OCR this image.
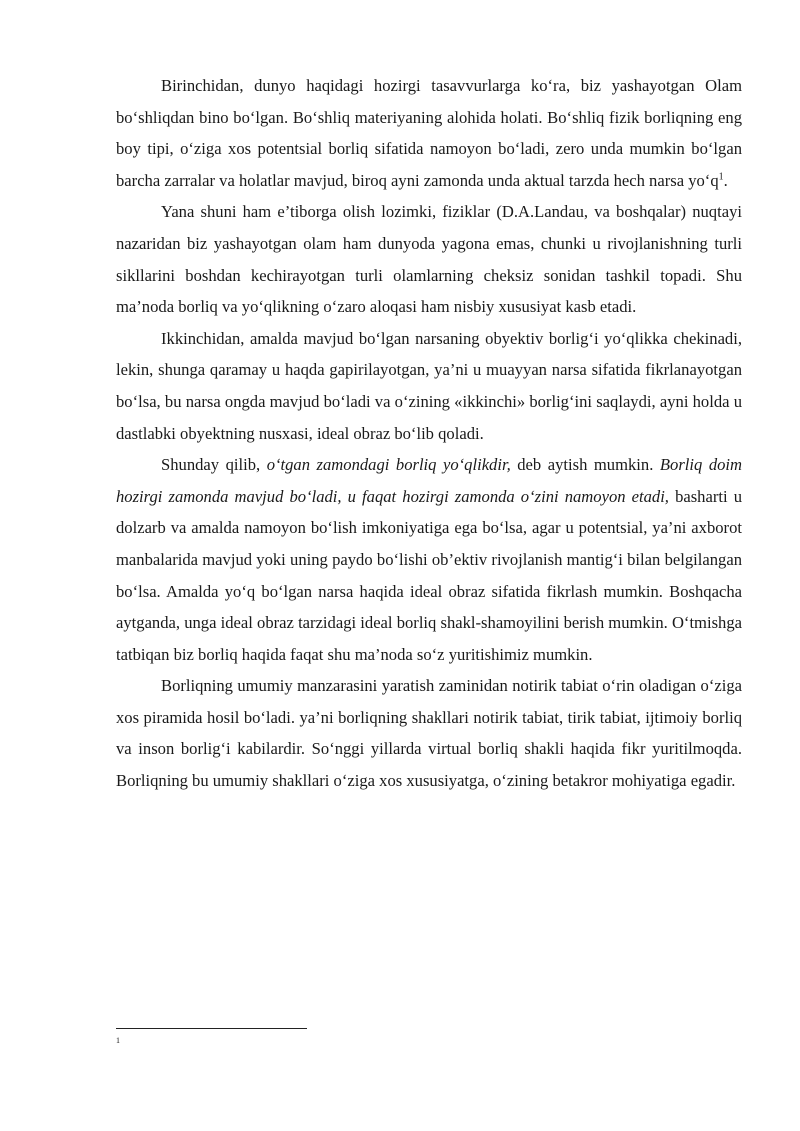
Birinchidan, dunyo haqidagi hozirgi tasavvurlarga ko‘ra, biz yashayotgan Olam bo‘shliqdan bino bo‘lgan. Bo‘shliq materiyaning alohida holati. Bo‘shliq fizik borliqning eng boy tipi, o‘ziga xos potentsial borliq sifatida namoyon bo‘ladi, zero unda mumkin bo‘lgan barcha zarralar va holatlar mavjud, biroq ayni zamonda unda aktual tarzda hech narsa yo‘q$^1$.

Yana shuni ham e’tiborga olish lozimki, fiziklar (D.A.Landau, va boshqalar) nuqtayi nazaridan biz yashayotgan olam ham dunyoda yagona emas, chunki u rivojlanishning turli sikllarini boshdan kechirayotgan turli olamlarning cheksiz sonidan tashkil topadi. Shu ma’noda borliq va yo‘qlikning o‘zaro aloqasi ham nisbiy xususiyat kasb etadi.

Ikkinchidan, amalda mavjud bo‘lgan narsaning obyektiv borlig‘i yo‘qlikka chekinadi, lekin, shunga qaramay u haqda gapirilayotgan, ya’ni u muayyan narsa sifatida fikrlanayotgan bo‘lsa, bu narsa ongda mavjud bo‘ladi va o‘zining «ikkinchi» borlig‘ini saqlaydi, ayni holda u dastlabki obyektning nusxasi, ideal obraz bo‘lib qoladi.

Shunday qilib, o‘tgan zamondagi borliq yo‘qlikdir, deb aytish mumkin. Borliq doim hozirgi zamonda mavjud bo‘ladi, u faqat hozirgi zamonda o‘zini namoyon etadi, basharti u dolzarb va amalda namoyon bo‘lish imkoniyatiga ega bo‘lsa, agar u potentsial, ya’ni axborot manbalarida mavjud yoki uning paydo bo‘lishi ob’ektiv rivojlanish mantig‘i bilan belgilangan bo‘lsa. Amalda yo‘q bo‘lgan narsa haqida ideal obraz sifatida fikrlash mumkin. Boshqacha aytganda, unga ideal obraz tarzidagi ideal borliq shakl-shamoyilini berish mumkin. O‘tmishga tatbiqan biz borliq haqida faqat shu ma’noda so‘z yuritishimiz mumkin.

Borliqning umumiy manzarasini yaratish zaminidan notirik tabiat o‘rin oladigan o‘ziga xos piramida hosil bo‘ladi. ya’ni borliqning shakllari notirik tabiat, tirik tabiat, ijtimoiy borliq va inson borlig‘i kabilardir. So‘nggi yillarda virtual borliq shakli haqida fikr yuritilmoqda. Borliqning bu umumiy shakllari o‘ziga xos xususiyatga, o‘zining betakror mohiyatiga egadir.

1
